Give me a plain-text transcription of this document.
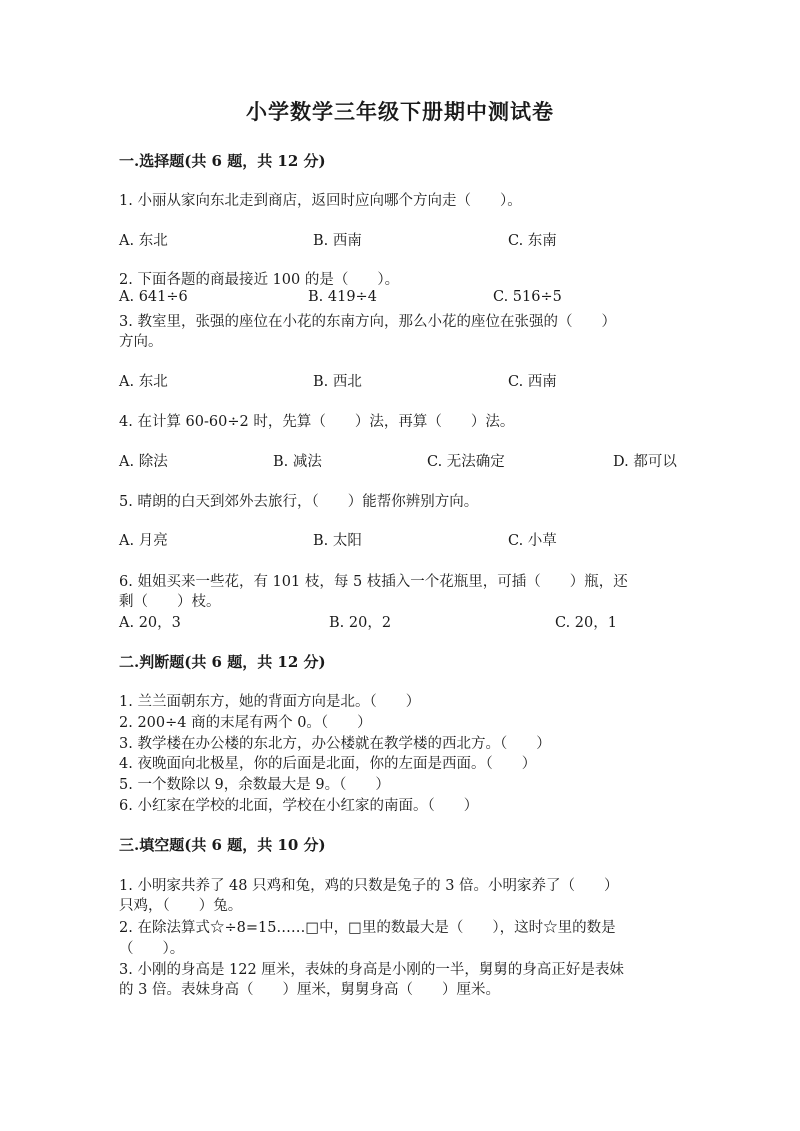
小学数学三年级下册期中测试卷
一.选择题(共 6 题，共 12 分)
1. 小丽从家向东北走到商店，返回时应向哪个方向走（　　）。
A. 东北	B. 西南	C. 东南
2. 下面各题的商最接近 100 的是（　　）。
A. 641÷6	B. 419÷4	C. 516÷5
3. 教室里，张强的座位在小花的东南方向，那么小花的座位在张强的（　　）
方向。
A. 东北	B. 西北	C. 西南
4. 在计算 60-60÷2 时，先算（　　）法，再算（　　）法。
A. 除法	B. 减法	C. 无法确定	D. 都可以
5. 晴朗的白天到郊外去旅行，（　　）能帮你辨别方向。
A. 月亮	B. 太阳	C. 小草
6. 姐姐买来一些花，有 101 枝，每 5 枝插入一个花瓶里，可插（　　）瓶，还
剩（　　）枝。
A. 20，3	B. 20，2	C. 20，1
二.判断题(共 6 题，共 12 分)
1. 兰兰面朝东方，她的背面方向是北。（　　）
2. 200÷4 商的末尾有两个 0。（　　）
3. 教学楼在办公楼的东北方，办公楼就在教学楼的西北方。（　　）
4. 夜晚面向北极星，你的后面是北面，你的左面是西面。（　　）
5. 一个数除以 9，余数最大是 9。（　　）
6. 小红家在学校的北面，学校在小红家的南面。（　　）
三.填空题(共 6 题，共 10 分)
1. 小明家共养了 48 只鸡和兔，鸡的只数是兔子的 3 倍。小明家养了（　　）
只鸡，（　　）兔。
2. 在除法算式☆÷8=15……□中，□里的数最大是（　　），这时☆里的数是
（　　）。
3. 小刚的身高是 122 厘米，表妹的身高是小刚的一半，舅舅的身高正好是表妹
的 3 倍。表妹身高（　　）厘米，舅舅身高（　　）厘米。
